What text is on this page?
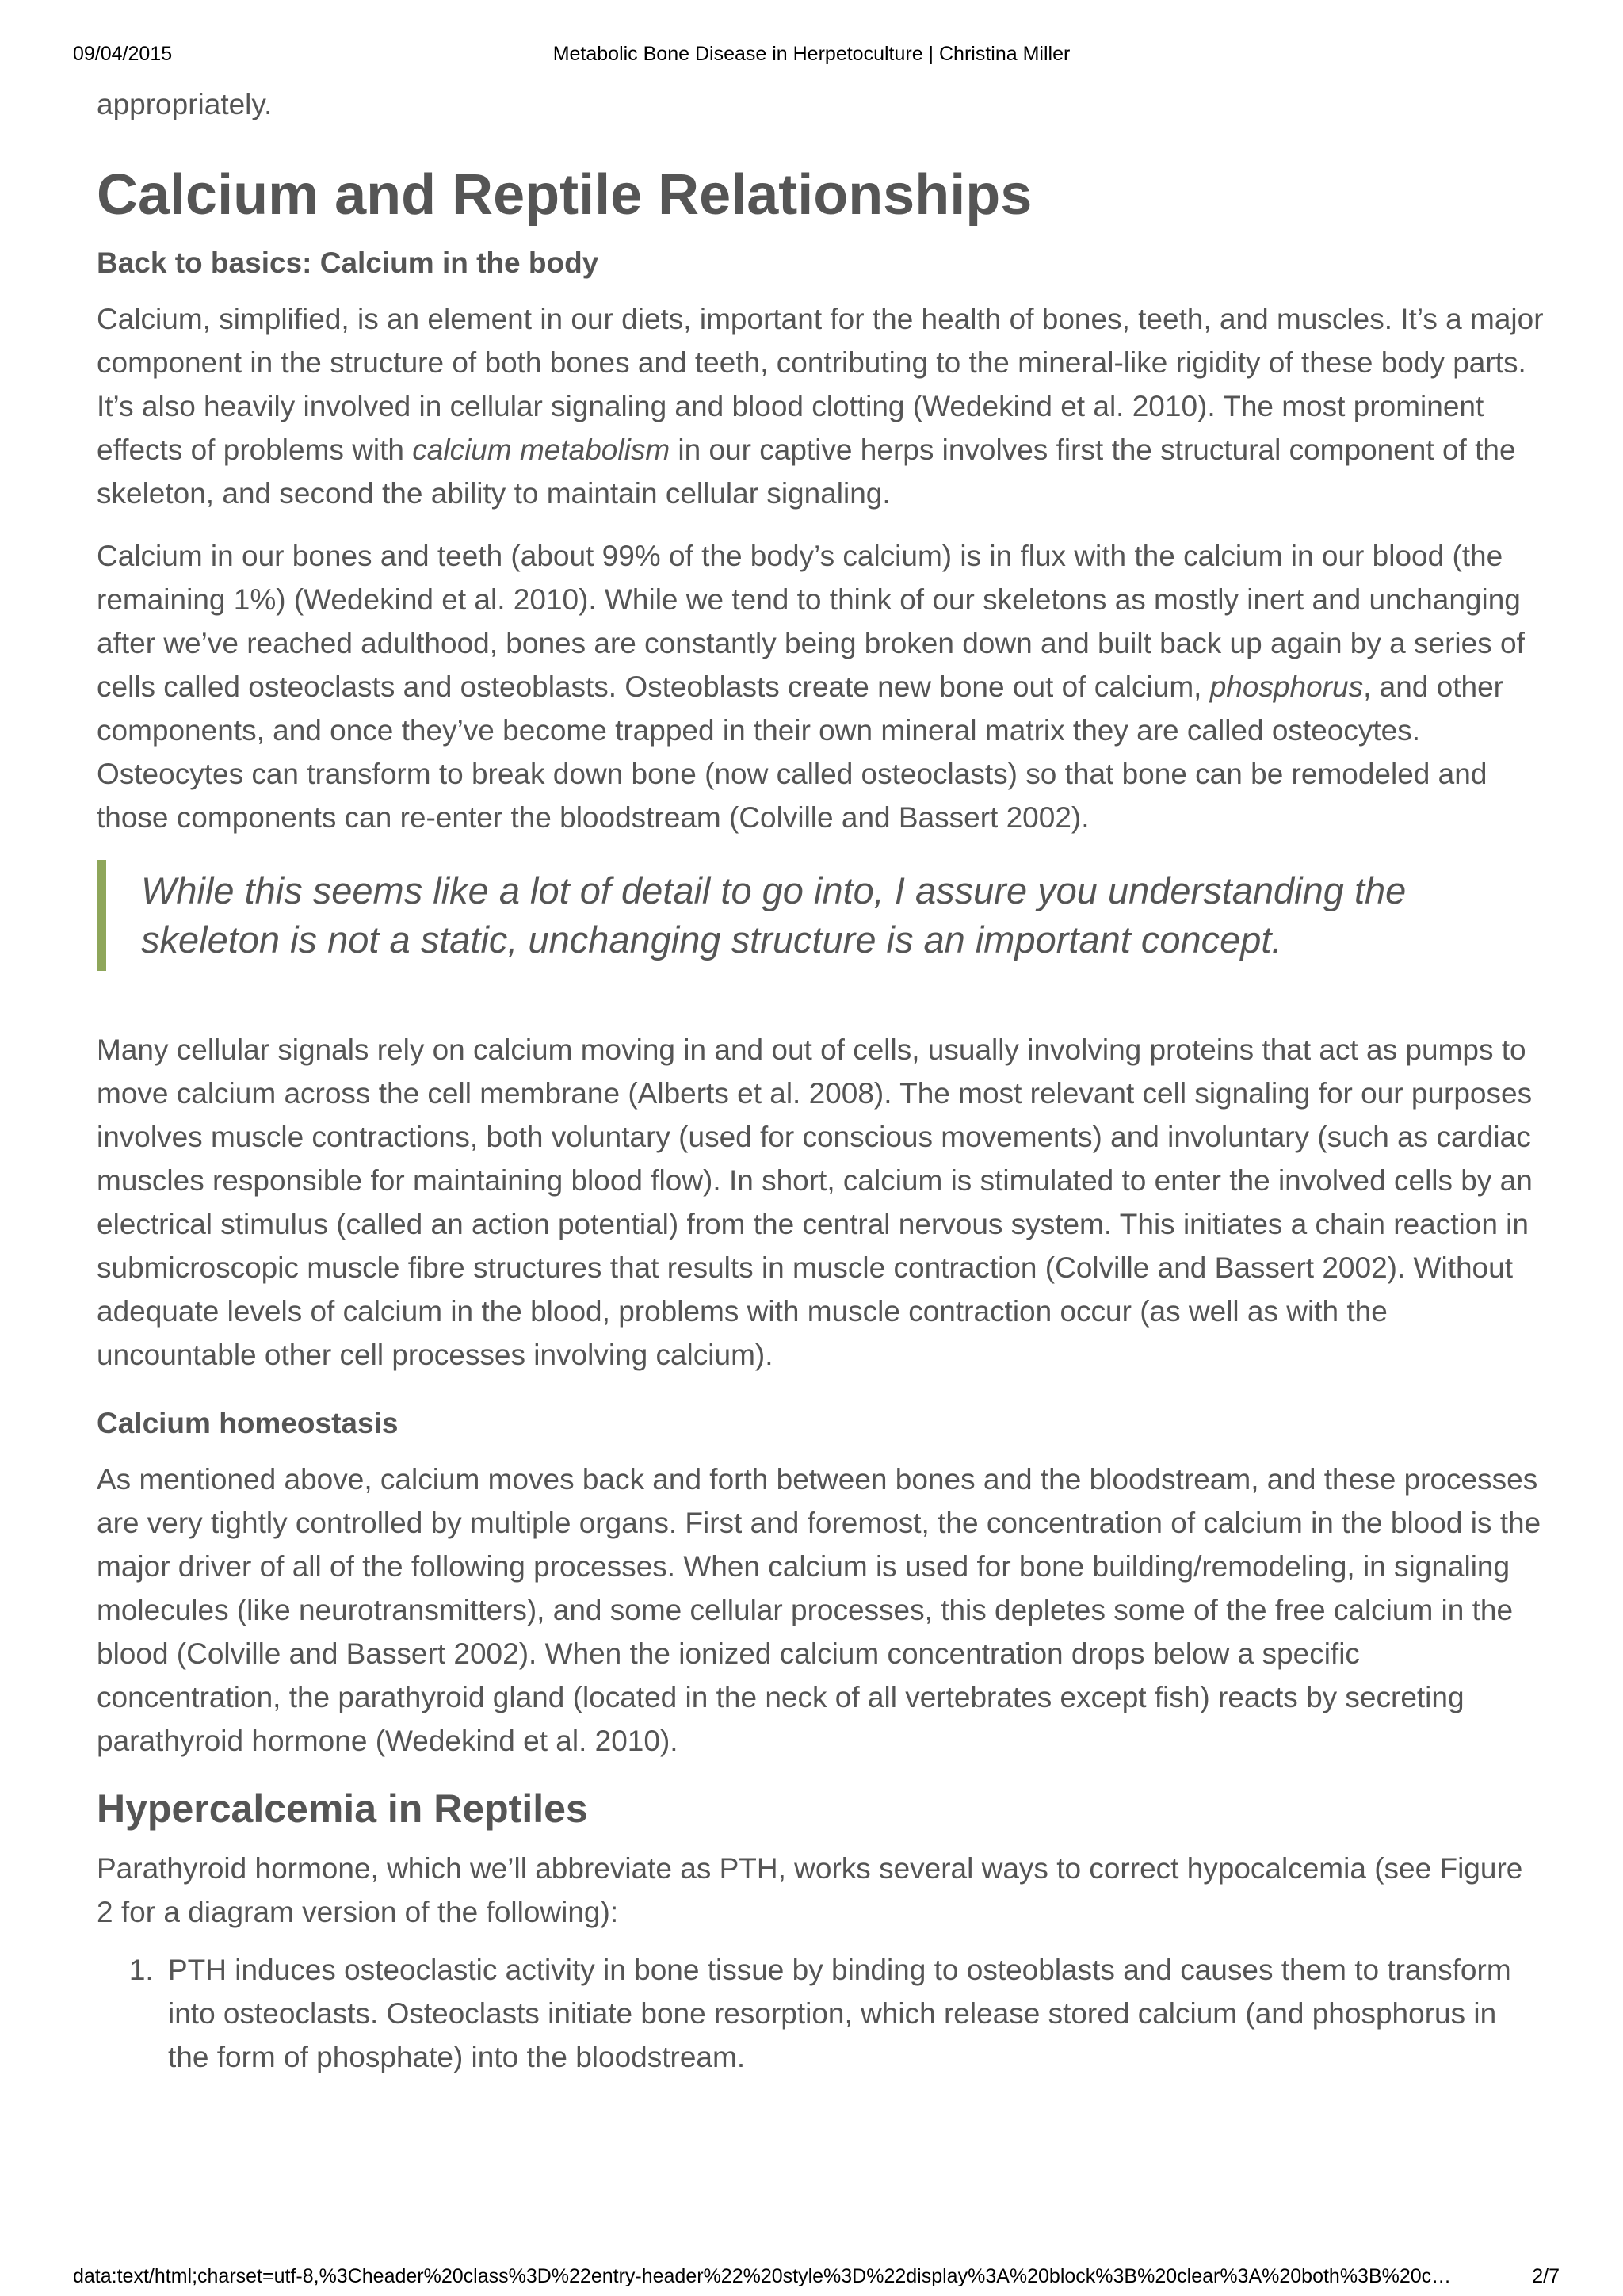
09/04/2015	Metabolic Bone Disease in Herpetoculture | Christina Miller

appropriately.

Calcium and Reptile Relationships
Back to basics: Calcium in the body

Calcium, simplified, is an element in our diets, important for the health of bones, teeth, and muscles. It’s a major component in the structure of both bones and teeth, contributing to the mineral-like rigidity of these body parts. It’s also heavily involved in cellular signaling and blood clotting (Wedekind et al. 2010). The most prominent effects of problems with calcium metabolism in our captive herps involves first the structural component of the skeleton, and second the ability to maintain cellular signaling.

Calcium in our bones and teeth (about 99% of the body’s calcium) is in flux with the calcium in our blood (the remaining 1%) (Wedekind et al. 2010). While we tend to think of our skeletons as mostly inert and unchanging after we’ve reached adulthood, bones are constantly being broken down and built back up again by a series of cells called osteoclasts and osteoblasts. Osteoblasts create new bone out of calcium, phosphorus, and other components, and once they’ve become trapped in their own mineral matrix they are called osteocytes. Osteocytes can transform to break down bone (now called osteoclasts) so that bone can be remodeled and those components can re-enter the bloodstream (Colville and Bassert 2002).

While this seems like a lot of detail to go into, I assure you understanding the skeleton is not a static, unchanging structure is an important concept.

Many cellular signals rely on calcium moving in and out of cells, usually involving proteins that act as pumps to move calcium across the cell membrane (Alberts et al. 2008). The most relevant cell signaling for our purposes involves muscle contractions, both voluntary (used for conscious movements) and involuntary (such as cardiac muscles responsible for maintaining blood flow). In short, calcium is stimulated to enter the involved cells by an electrical stimulus (called an action potential) from the central nervous system. This initiates a chain reaction in submicroscopic muscle fibre structures that results in muscle contraction (Colville and Bassert 2002). Without adequate levels of calcium in the blood, problems with muscle contraction occur (as well as with the uncountable other cell processes involving calcium).

Calcium homeostasis

As mentioned above, calcium moves back and forth between bones and the bloodstream, and these processes are very tightly controlled by multiple organs. First and foremost, the concentration of calcium in the blood is the major driver of all of the following processes. When calcium is used for bone building/remodeling, in signaling molecules (like neurotransmitters), and some cellular processes, this depletes some of the free calcium in the blood (Colville and Bassert 2002). When the ionized calcium concentration drops below a specific concentration, the parathyroid gland (located in the neck of all vertebrates except fish) reacts by secreting parathyroid hormone (Wedekind et al. 2010).

Hypercalcemia in Reptiles

Parathyroid hormone, which we’ll abbreviate as PTH, works several ways to correct hypocalcemia (see Figure 2 for a diagram version of the following):

1. PTH induces osteoclastic activity in bone tissue by binding to osteoblasts and causes them to transform into osteoclasts. Osteoclasts initiate bone resorption, which release stored calcium (and phosphorus in the form of phosphate) into the bloodstream.
data:text/html;charset=utf-8,%3Cheader%20class%3D%22entry-header%22%20style%3D%22display%3A%20block%3B%20clear%3A%20both%3B%20c…	2/7
